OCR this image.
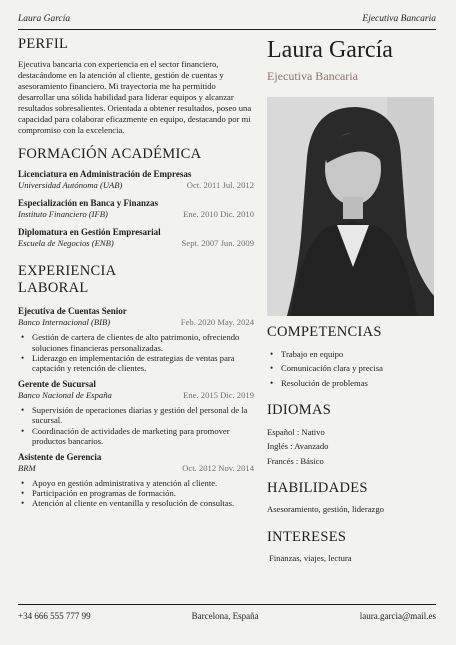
Laura García	Ejecutiva Bancaria
PERFIL

Ejecutiva bancaria con experiencia en el sector financiero, destacándome en la atención al cliente, gestión de cuentas y asesoramiento financiero. Mi trayectoria me ha permitido desarrollar una sólida habilidad para liderar equipos y alcanzar resultados sobresalientes. Orientada a obtener resultados, poseo una capacidad para colaborar eficazmente en equipo, destacando por mi compromiso con la excelencia.

FORMACIÓN ACADÉMICA
Licenciatura en Administración de Empresas
Universidad Autónoma (UAB)	Oct. 2011 Jul. 2012
Especialización en Banca y Finanzas
Instituto Financiero (IFB)	Ene. 2010 Dic. 2010
Diplomatura en Gestión Empresarial
Escuela de Negocios (ENB)	Sept. 2007 Jun. 2009
EXPERIENCIA
LABORAL
Ejecutiva de Cuentas Senior
Banco Internacional (BIB)	Feb. 2020 May. 2024
• Gestión de cartera de clientes de alto patrimonio, ofreciendo soluciones financieras personalizadas.
• Liderazgo en implementación de estrategias de ventas para captación y retención de clientes.
Gerente de Sucursal
Banco Nacional de España	Ene. 2015 Dic. 2019
• Supervisión de operaciones diarias y gestión del personal de la sucursal.
• Coordinación de actividades de marketing para promover productos bancarios.
Asistente de Gerencia
BRM	Oct. 2012 Nov. 2014
• Apoyo en gestión administrativa y atención al cliente.
• Participación en programas de formación.
• Atención al cliente en ventanilla y resolución de consultas.
Laura García
Ejecutiva Bancaria
COMPETENCIAS
• Trabajo en equipo
• Comunicación clara y precisa
• Resolución de problemas
IDIOMAS
Español : Nativo
Inglés : Avanzado
Francés : Básico
HABILIDADES
Asesoramiento, gestión, liderazgo
INTERESES
Finanzas, viajes, lectura
+34 666 555 777 99	Barcelona, España	laura.garcia@mail.es
